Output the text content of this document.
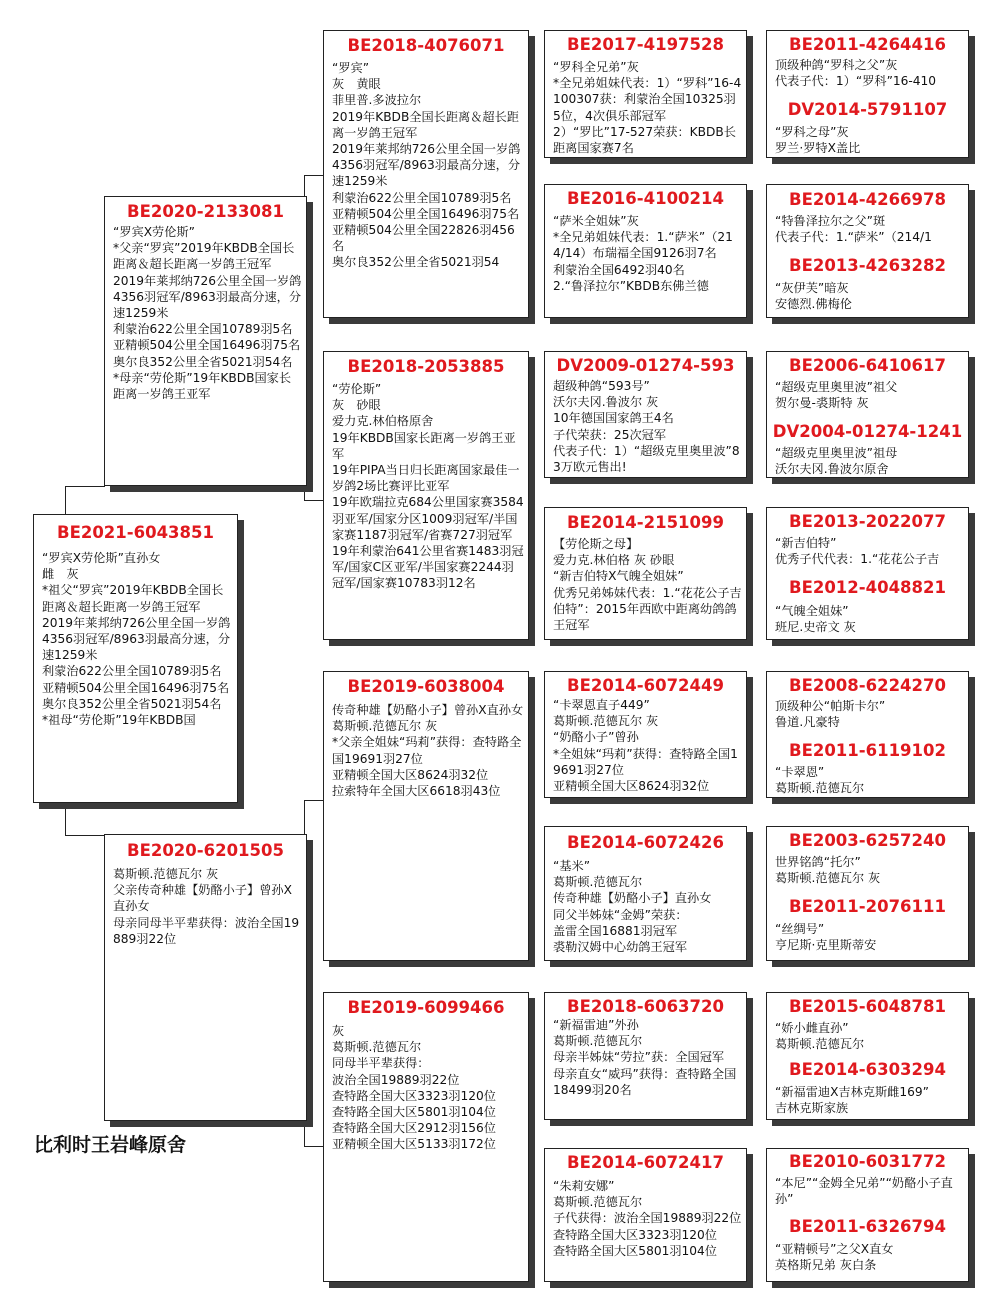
BE2021-6043851
“罗宾X劳伦斯”直孙女
雌　灰
*祖父“罗宾”2019年KBDB全国长距离＆超长距离一岁鸽王冠军
2019年莱邦纳726公里全国一岁鸽4356羽冠军/8963羽最高分速，分速1259米
利蒙治622公里全国10789羽5名
亚精顿504公里全国16496羽75名
奥尔良352公里全省5021羽54名
*祖母“劳伦斯”19年KBDB国
BE2020-2133081
“罗宾X劳伦斯”
*父亲“罗宾”2019年KBDB全国长距离＆超长距离一岁鸽王冠军
2019年莱邦纳726公里全国一岁鸽4356羽冠军/8963羽最高分速，分速1259米
利蒙治622公里全国10789羽5名
亚精顿504公里全国16496羽75名
奥尔良352公里全省5021羽54名
*母亲“劳伦斯”19年KBDB国家长距离一岁鸽王亚军
BE2020-6201505
葛斯顿.范德瓦尔 灰
父亲传奇种雄【奶酪小子】曾孙X直孙女
母亲同母半平辈获得：波治全国19889羽22位
BE2018-4076071
“罗宾”
灰　黄眼
菲里普.多波拉尔
2019年KBDB全国长距离＆超长距离一岁鸽王冠军
2019年莱邦纳726公里全国一岁鸽4356羽冠军/8963羽最高分速，分速1259米
利蒙治622公里全国10789羽5名
亚精顿504公里全国16496羽75名
亚精顿504公里全国22826羽456名
奥尔良352公里全省5021羽54
BE2018-2053885
“劳伦斯”
灰　砂眼
爱力克.林伯格原舍
19年KBDB国家长距离一岁鸽王亚军
19年PIPA当日归长距离国家最佳一岁鸽2场比赛评比亚军
19年欧瑞拉克684公里国家赛3584羽亚军/国家分区1009羽冠军/半国家赛1187羽冠军/省赛727羽冠军
19年利蒙治641公里省赛1483羽冠军/国家C区亚军/半国家赛2244羽冠军/国家赛10783羽12名
BE2019-6038004
传奇种雄【奶酪小子】曾孙X直孙女
葛斯顿.范德瓦尔 灰
*父亲全姐妹“玛莉”获得：查特路全国19691羽27位
亚精顿全国大区8624羽32位
拉索特年全国大区6618羽43位
BE2019-6099466
灰
葛斯顿.范德瓦尔
同母半平辈获得：
波治全国19889羽22位
查特路全国大区3323羽120位
查特路全国大区5801羽104位
查特路全国大区2912羽156位
亚精顿全国大区5133羽172位
BE2017-4197528
“罗科全兄弟”灰
*全兄弟姐妹代表：1）“罗科”16-4100307获：利蒙治全国10325羽5位，4次俱乐部冠军
2）“罗比”17-527荣获：KBDB长距离国家赛7名
BE2016-4100214
“萨米全姐妹”灰
*全兄弟姐妹代表：1.“萨米”（214/14）布瑞福全国9126羽7名
利蒙治全国6492羽40名
2.“鲁泽拉尔”KBDB东佛兰德
DV2009-01274-593
超级种鸽“593号”
沃尔夫冈.鲁波尔 灰
10年德国国家鸽王4名
子代荣获：25次冠军
代表子代：1）“超级克里奥里波”83万欧元售出!
BE2014-2151099
【劳伦斯之母】
爱力克.林伯格 灰 砂眼
“新吉伯特X气魄全姐妹”
优秀兄弟姊妹代表：1.“花花公子吉伯特”：2015年西欧中距离幼鸽鸽王冠军
BE2014-6072449
“卡翠恩直子449”
葛斯顿.范德瓦尔 灰
“奶酪小子”曾孙
*全姐妹“玛莉”获得：查特路全国19691羽27位
亚精顿全国大区8624羽32位
BE2014-6072426
“基米”
葛斯顿.范德瓦尔
传奇种雄【奶酪小子】直孙女
同父半姊妹“金姆”荣获：
盖雷全国16881羽冠军
裘勒汉姆中心幼鸽王冠军
BE2018-6063720
“新福雷迪”外孙
葛斯顿.范德瓦尔
母亲半姊妹“劳拉”获：全国冠军
母亲直女“威玛”获得：查特路全国18499羽20名
BE2014-6072417
“朱莉安娜”
葛斯顿.范德瓦尔
子代获得：波治全国19889羽22位
查特路全国大区3323羽120位
查特路全国大区5801羽104位
BE2011-4264416
顶级种鸽“罗科之父”灰
代表子代：1）“罗科”16-410
DV2014-5791107
“罗科之母”灰
罗兰·罗特X盖比
BE2014-4266978
“特鲁泽拉尔之父”斑
代表子代：1.“萨米”（214/1
BE2013-4263282
“灰伊芙”暗灰
安德烈.佛梅伦
BE2006-6410617
“超级克里奥里波”祖父
贺尔曼-裘斯特 灰
DV2004-01274-1241
“超级克里奥里波”祖母
沃尔夫冈.鲁波尔原舍
BE2013-2022077
“新吉伯特”
优秀子代代表：1.“花花公子吉
BE2012-4048821
“气魄全姐妹”
班尼.史帝文 灰
BE2008-6224270
顶级种公“帕斯卡尔”
鲁道.凡豪特
BE2011-6119102
“卡翠恩”
葛斯顿.范德瓦尔
BE2003-6257240
世界铭鸽“托尔”
葛斯顿.范德瓦尔 灰
BE2011-2076111
“丝绸号”
亨尼斯·克里斯蒂安
BE2015-6048781
“娇小雌直孙”
葛斯顿.范德瓦尔
BE2014-6303294
“新福雷迪X吉林克斯雌169”
吉林克斯家族
BE2010-6031772
“本尼”“金姆全兄弟”“奶酪小子直孙”
BE2011-6326794
“亚精顿号”之父X直女
英格斯兄弟 灰白条
比利时王岩峰原舍
